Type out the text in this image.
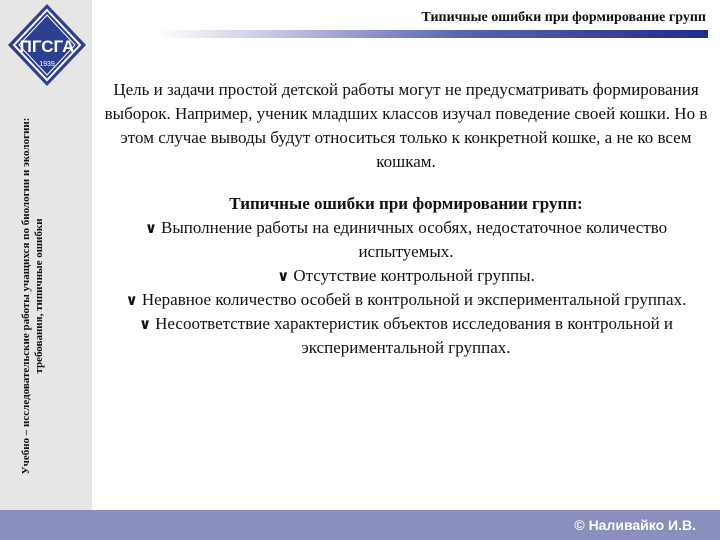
ПГСГА
1939
Учебно – исследовательские работы учащихся по биологии и экологии: требования, типичные ошибки
Типичные ошибки при формирование групп

Цель и задачи простой детской работы могут не предусматривать формирования выборок. Например, ученик младших классов изучал поведение своей кошки. Но в этом случае выводы будут относиться только к конкретной кошке, а не ко всем кошкам.

Типичные ошибки при формировании групп:

∨ Выполнение работы на единичных особях, недостаточное количество испытуемых.

∨ Отсутствие контрольной группы.

∨ Неравное количество особей в контрольной и экспериментальной группах.

∨ Несоответствие характеристик объектов исследования в контрольной и экспериментальной группах.

© Наливайко И.В.
